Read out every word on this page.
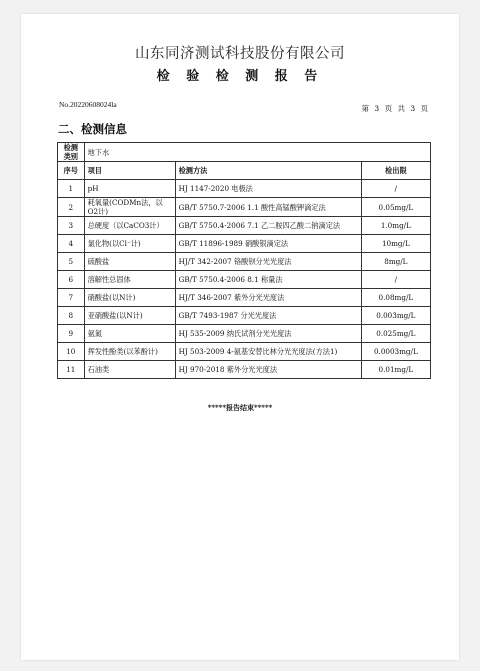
山东同济测试科技股份有限公司
检 验 检 测 报 告
No.20220608024la	第 3 页 共 3 页
二、检测信息
检测类别	地下水		
序号	项目	检测方法	检出限
1	pH	HJ 1147-2020 电极法	/
2	耗氧量(CODMn法，以O2计)	GB/T 5750.7-2006 1.1 酸性高锰酸钾滴定法	0.05mg/L
3	总硬度（以CaCO3计）	GB/T 5750.4-2006 7.1 乙二胺四乙酸二钠滴定法	1.0mg/L
4	氯化物(以Cl⁻计)	GB/T 11896-1989 硝酸银滴定法	10mg/L
5	硫酸盐	HJ/T 342-2007 铬酸钡分光光度法	8mg/L
6	溶解性总固体	GB/T 5750.4-2006 8.1 称量法	/
7	硝酸盐(以N计)	HJ/T 346-2007 紫外分光光度法	0.08mg/L
8	亚硝酸盐(以N计)	GB/T 7493-1987 分光光度法	0.003mg/L
9	氨氮	HJ 535-2009 纳氏试剂分光光度法	0.025mg/L
10	挥发性酚类(以苯酚计)	HJ 503-2009 4-氨基安替比林分光光度法(方法1)	0.0003mg/L
11	石油类	HJ 970-2018 紫外分光光度法	0.01mg/L
*****报告结束*****
